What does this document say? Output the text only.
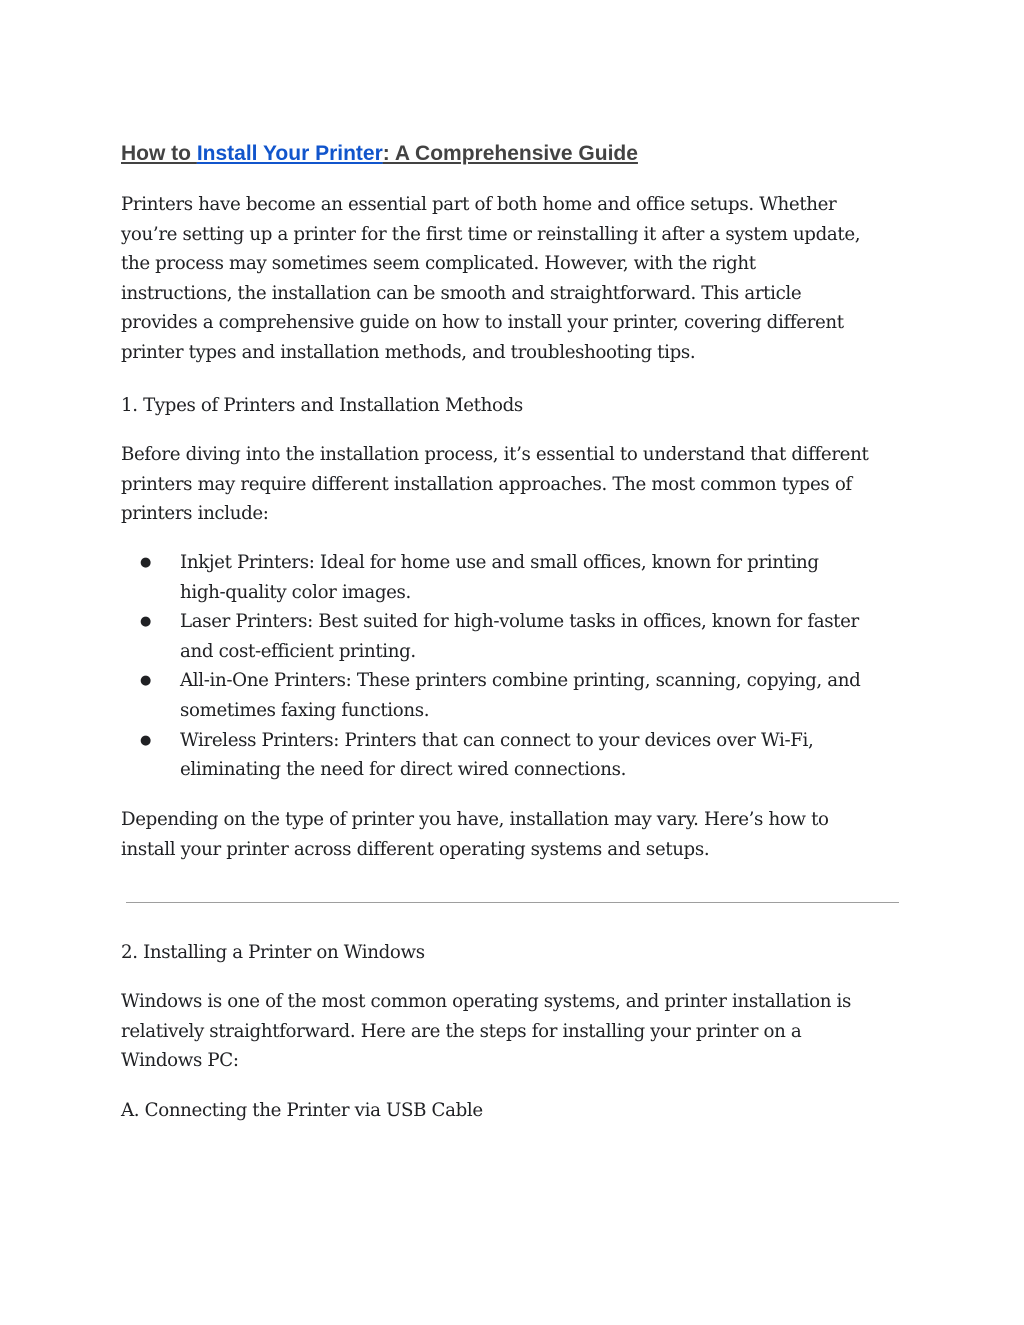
How to Install Your Printer: A Comprehensive Guide

Printers have become an essential part of both home and office setups. Whether
you’re setting up a printer for the first time or reinstalling it after a system update,
the process may sometimes seem complicated. However, with the right
instructions, the installation can be smooth and straightforward. This article
provides a comprehensive guide on how to install your printer, covering different
printer types and installation methods, and troubleshooting tips.

1. Types of Printers and Installation Methods

Before diving into the installation process, it’s essential to understand that different
printers may require different installation approaches. The most common types of
printers include:

● Inkjet Printers: Ideal for home use and small offices, known for printing
high-quality color images.
● Laser Printers: Best suited for high-volume tasks in offices, known for faster
and cost-efficient printing.
● All-in-One Printers: These printers combine printing, scanning, copying, and
sometimes faxing functions.
● Wireless Printers: Printers that can connect to your devices over Wi-Fi,
eliminating the need for direct wired connections.

Depending on the type of printer you have, installation may vary. Here’s how to
install your printer across different operating systems and setups.

2. Installing a Printer on Windows

Windows is one of the most common operating systems, and printer installation is
relatively straightforward. Here are the steps for installing your printer on a
Windows PC:

A. Connecting the Printer via USB Cable
